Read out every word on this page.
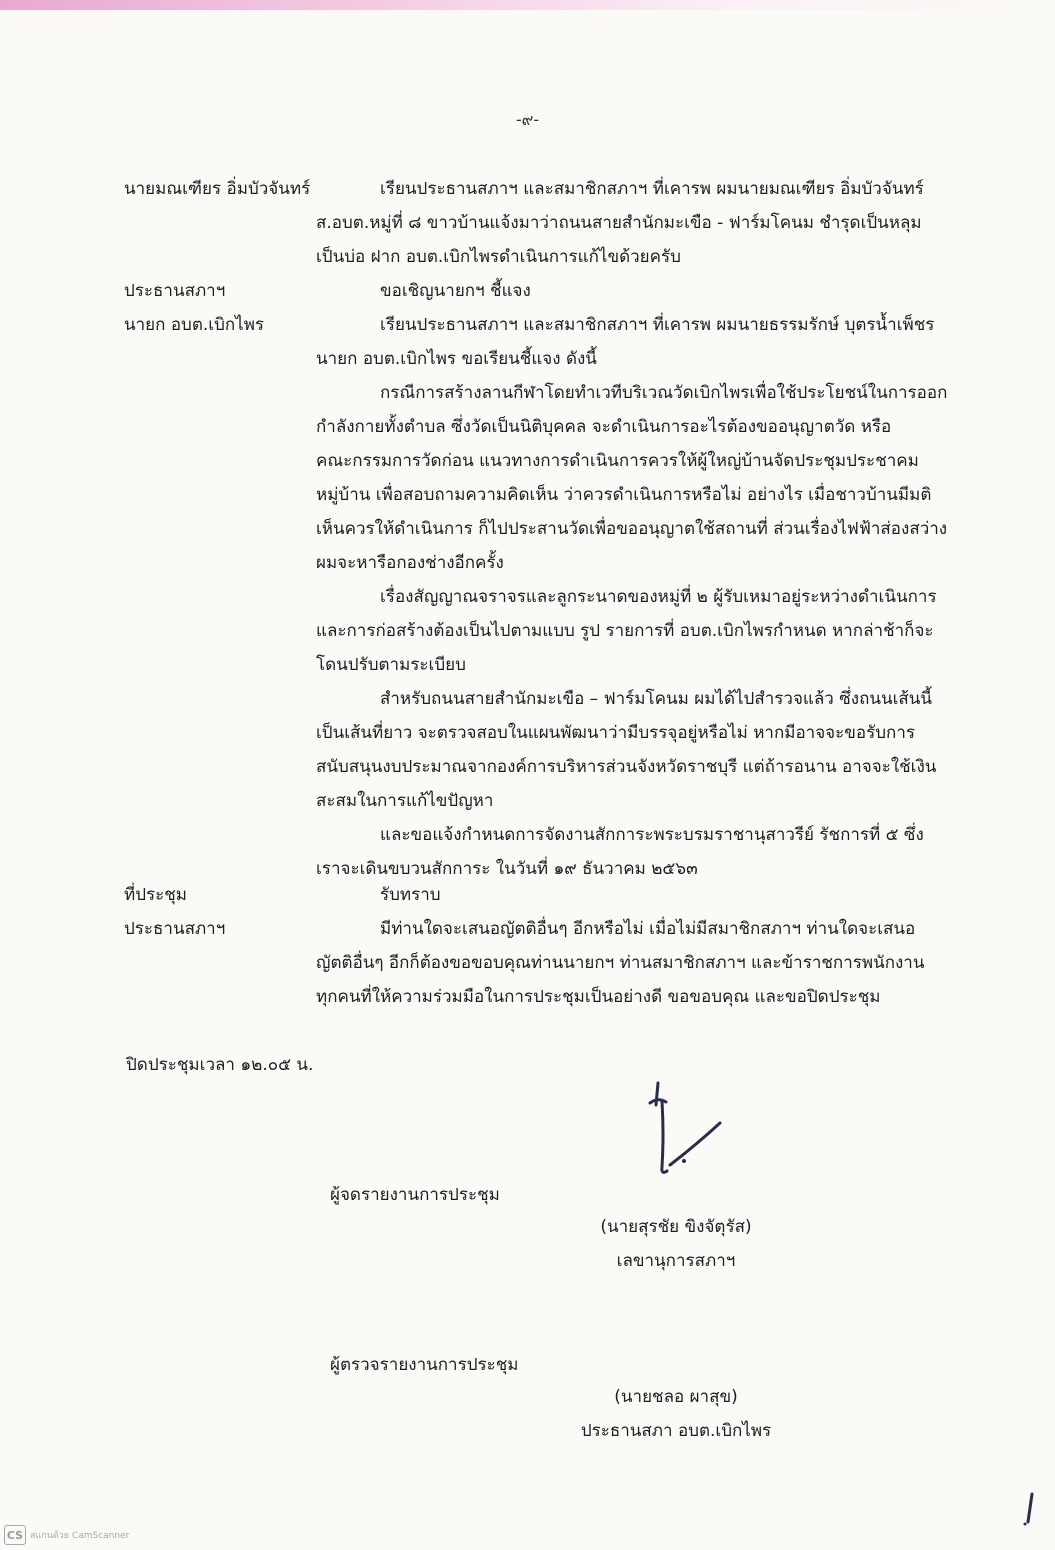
-๙-
นายมณเฑียร อิ่มบัวจันทร์	เรียนประธานสภาฯ และสมาชิกสภาฯ ที่เคารพ ผมนายมณเฑียร อิ่มบัวจันทร์
ส.อบต.หมู่ที่ ๘ ขาวบ้านแจ้งมาว่าถนนสายสำนักมะเขือ - ฟาร์มโคนม ชำรุดเป็นหลุม
เป็นบ่อ ฝาก อบต.เบิกไพรดำเนินการแก้ไขด้วยครับ
ประธานสภาฯ	ขอเชิญนายกฯ ชี้แจง
นายก อบต.เบิกไพร	เรียนประธานสภาฯ และสมาชิกสภาฯ ที่เคารพ ผมนายธรรมรักษ์ บุตรน้ำเพ็ชร
นายก อบต.เบิกไพร ขอเรียนชี้แจง ดังนี้
กรณีการสร้างลานกีฬาโดยทำเวทีบริเวณวัดเบิกไพรเพื่อใช้ประโยชน์ในการออก
กำลังกายทั้งตำบล ซึ่งวัดเป็นนิติบุคคล จะดำเนินการอะไรต้องขออนุญาตวัด หรือ
คณะกรรมการวัดก่อน แนวทางการดำเนินการควรให้ผู้ใหญ่บ้านจัดประชุมประชาคม
หมู่บ้าน เพื่อสอบถามความคิดเห็น ว่าควรดำเนินการหรือไม่ อย่างไร เมื่อชาวบ้านมีมติ
เห็นควรให้ดำเนินการ ก็ไปประสานวัดเพื่อขออนุญาตใช้สถานที่ ส่วนเรื่องไฟฟ้าส่องสว่าง
ผมจะหารือกองช่างอีกครั้ง
เรื่องสัญญาณจราจรและลูกระนาดของหมู่ที่ ๒ ผู้รับเหมาอยู่ระหว่างดำเนินการ
และการก่อสร้างต้องเป็นไปตามแบบ รูป รายการที่ อบต.เบิกไพรกำหนด หากล่าช้าก็จะ
โดนปรับตามระเบียบ
สำหรับถนนสายสำนักมะเขือ – ฟาร์มโคนม ผมได้ไปสำรวจแล้ว ซึ่งถนนเส้นนี้
เป็นเส้นที่ยาว จะตรวจสอบในแผนพัฒนาว่ามีบรรจุอยู่หรือไม่ หากมีอาจจะขอรับการ
สนับสนุนงบประมาณจากองค์การบริหารส่วนจังหวัดราชบุรี แต่ถ้ารอนาน อาจจะใช้เงิน
สะสมในการแก้ไขปัญหา
และขอแจ้งกำหนดการจัดงานสักการะพระบรมราชานุสาวรีย์ รัชการที่ ๕ ซึ่ง
เราจะเดินขบวนสักการะ ในวันที่ ๑๙ ธันวาคม ๒๕๖๓
ที่ประชุม	รับทราบ
ประธานสภาฯ	มีท่านใดจะเสนอญัตติอื่นๆ อีกหรือไม่ เมื่อไม่มีสมาชิกสภาฯ ท่านใดจะเสนอ
ญัตติอื่นๆ อีกก็ต้องขอขอบคุณท่านนายกฯ ท่านสมาชิกสภาฯ และข้าราชการพนักงาน
ทุกคนที่ให้ความร่วมมือในการประชุมเป็นอย่างดี ขอขอบคุณ และขอปิดประชุม
ปิดประชุมเวลา ๑๒.๐๕ น.
ผู้จดรายงานการประชุม
(นายสุรชัย ขิงจัตุรัส)
เลขานุการสภาฯ
ผู้ตรวจรายงานการประชุม
(นายชลอ ผาสุข)
ประธานสภา อบต.เบิกไพร
CS สแกนด้วย CamScanner
